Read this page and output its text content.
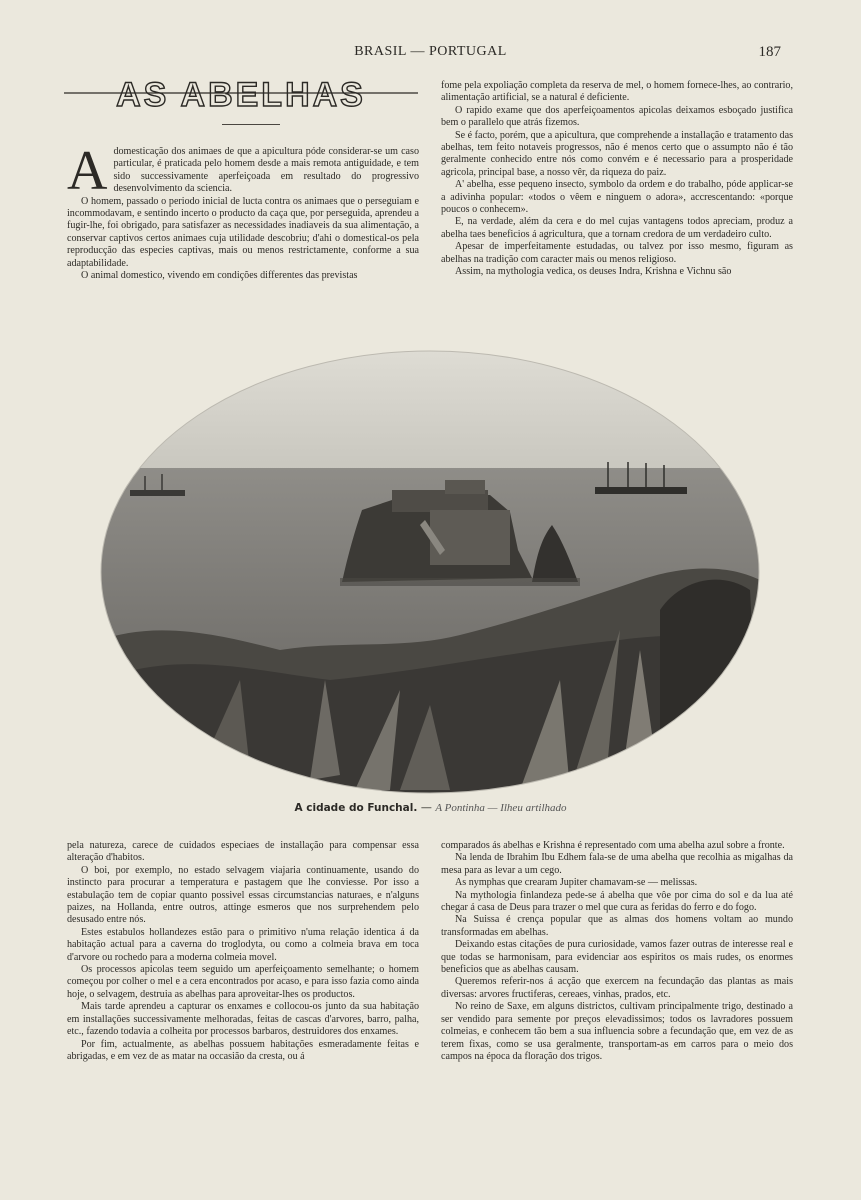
BRASIL — PORTUGAL	187
AS ABELHAS
A domesticação dos animaes de que a apicultura póde considerar-se um caso particular, é praticada pelo homem desde a mais remota antiguidade, e tem sido successivamente aperfeiçoada em resultado do progressivo desenvolvimento da sciencia.

O homem, passado o periodo inicial de lucta contra os animaes que o perseguiam e incommodavam, e sentindo incerto o producto da caça que, por perseguida, aprendeu a fugir-lhe, foi obrigado, para satisfazer as necessidades inadiaveis da sua alimentação, a conservar captivos certos animaes cuja utilidade descobriu; d'ahi o domestical-os pela reproducção das especies captivas, mais ou menos restrictamente, conforme a sua adaptabilidade.

O animal domestico, vivendo em condições differentes das previstas

fome pela expoliação completa da reserva de mel, o homem fornece-lhes, ao contrario, alimentação artificial, se a natural é deficiente.

O rapido exame que dos aperfeiçoamentos apicolas deixamos esboçado justifica bem o parallelo que atrás fizemos.

Se é facto, porém, que a apicultura, que comprehende a installação e tratamento das abelhas, tem feito notaveis progressos, não é menos certo que o assumpto não é tão geralmente conhecido entre nós como convém e é necessario para a prosperidade agricola, principal base, a nosso vêr, da riqueza do paiz.

A' abelha, esse pequeno insecto, symbolo da ordem e do trabalho, póde applicar-se a adivinha popular: «todos o vêem e ninguem o adora», accrescentando: «porque poucos o conhecem».

E, na verdade, além da cera e do mel cujas vantagens todos apreciam, produz a abelha taes beneficios á agricultura, que a tornam credora de um verdadeiro culto.

Apesar de imperfeitamente estudadas, ou talvez por isso mesmo, figuram as abelhas na tradição com caracter mais ou menos religioso.

Assim, na mythologia vedica, os deuses Indra, Krishna e Vichnu são

A cidade do Funchal. — A Pontinha — Ilheu artilhado

pela natureza, carece de cuidados especiaes de installação para compensar essa alteração d'habitos.

O boi, por exemplo, no estado selvagem viajaria continuamente, usando do instincto para procurar a temperatura e pastagem que lhe conviesse. Por isso a estabulação tem de copiar quanto possivel essas circumstancias naturaes, e n'alguns paizes, na Hollanda, entre outros, attinge esmeros que nos surprehendem pelo desusado entre nós.

Estes estabulos hollandezes estão para o primitivo n'uma relação identica á da habitação actual para a caverna do troglodyta, ou como a colmeia brava em toca d'arvore ou rochedo para a moderna colmeia movel.

Os processos apicolas teem seguido um aperfeiçoamento semelhante; o homem começou por colher o mel e a cera encontrados por acaso, e para isso fazia como ainda hoje, o selvagem, destruia as abelhas para aproveitar-lhes os productos.

Mais tarde aprendeu a capturar os enxames e collocou-os junto da sua habitação em installações successivamente melhoradas, feitas de cascas d'arvores, barro, palha, etc., fazendo todavia a colheita por processos barbaros, destruidores dos enxames.

Por fim, actualmente, as abelhas possuem habitações esmeradamente feitas e abrigadas, e em vez de as matar na occasião da cresta, ou á

comparados ás abelhas e Krishna é representado com uma abelha azul sobre a fronte.

Na lenda de Ibrahim Ibu Edhem fala-se de uma abelha que recolhia as migalhas da mesa para as levar a um cego.

As nymphas que crearam Jupiter chamavam-se — melissas.

Na mythologia finlandeza pede-se á abelha que vôe por cima do sol e da lua até chegar á casa de Deus para trazer o mel que cura as feridas do ferro e do fogo.

Na Suissa é crença popular que as almas dos homens voltam ao mundo transformadas em abelhas.

Deixando estas citações de pura curiosidade, vamos fazer outras de interesse real e que todas se harmonisam, para evidenciar aos espiritos os mais rudes, os enormes beneficios que as abelhas causam.

Queremos referir-nos á acção que exercem na fecundação das plantas as mais diversas: arvores fructiferas, cereaes, vinhas, prados, etc.

No reino de Saxe, em alguns districtos, cultivam principalmente trigo, destinado a ser vendido para semente por preços elevadissimos; todos os lavradores possuem colmeias, e conhecem tão bem a sua influencia sobre a fecundação que, em vez de as terem fixas, como se usa geralmente, transportam-as em carros para o meio dos campos na época da floração dos trigos.
